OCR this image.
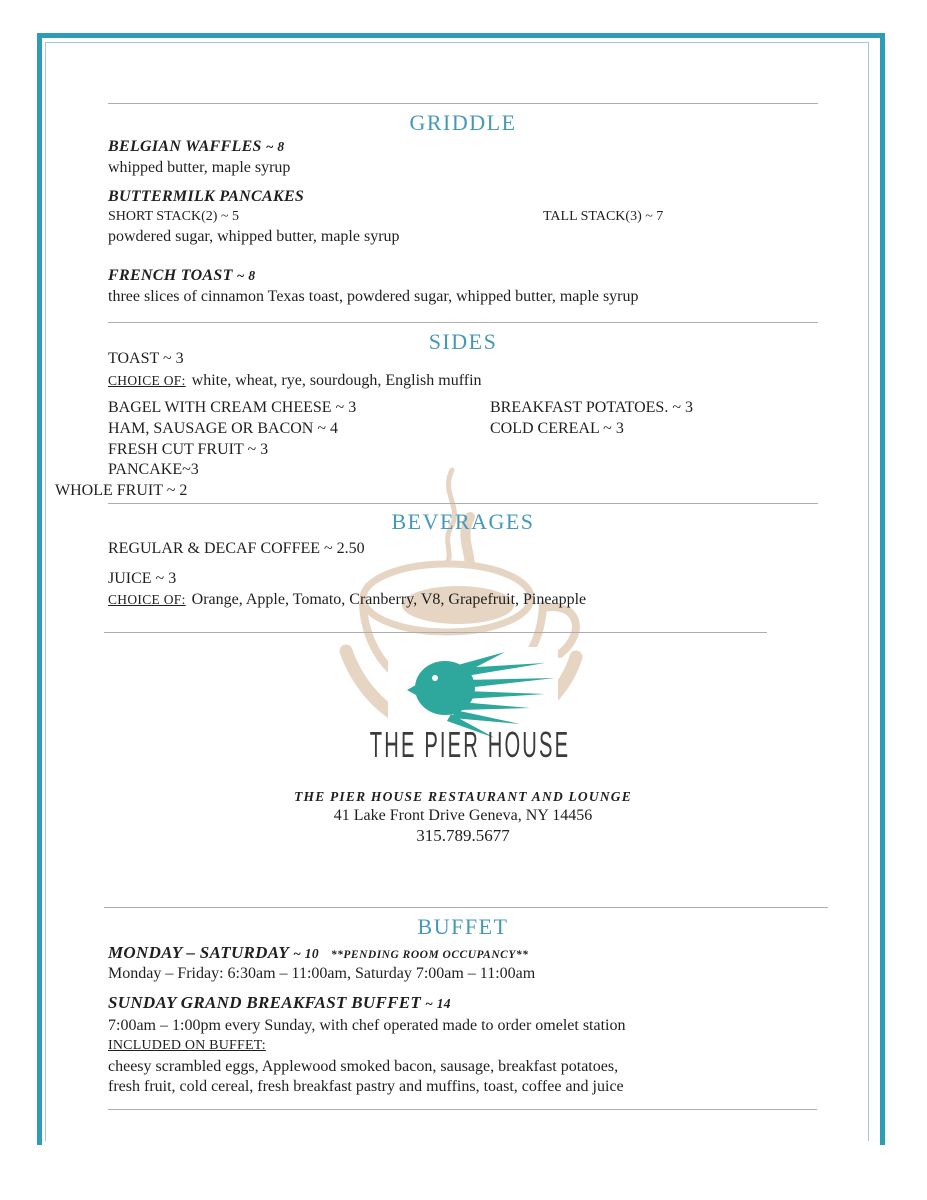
THE PIER HOUSE
GRIDDLE
BELGIAN WAFFLES ~ 8
whipped butter, maple syrup
BUTTERMILK PANCAKES
SHORT STACK(2) ~ 5	TALL STACK(3) ~ 7
powdered sugar, whipped butter, maple syrup
FRENCH TOAST ~ 8
three slices of cinnamon Texas toast, powdered sugar, whipped butter, maple syrup
SIDES
TOAST ~ 3
CHOICE OF: white, wheat, rye, sourdough, English muffin
BAGEL WITH CREAM CHEESE ~ 3
HAM, SAUSAGE OR BACON ~ 4
FRESH CUT FRUIT ~ 3
PANCAKE~3
BREAKFAST POTATOES. ~ 3
COLD CEREAL ~ 3
WHOLE FRUIT ~ 2
BEVERAGES
REGULAR & DECAF COFFEE ~ 2.50
JUICE ~ 3
CHOICE OF: Orange, Apple, Tomato, Cranberry, V8, Grapefruit, Pineapple
THE PIER HOUSE RESTAURANT AND LOUNGE
41 Lake Front Drive Geneva, NY 14456
315.789.5677
BUFFET
MONDAY – SATURDAY ~ 10 **PENDING ROOM OCCUPANCY**
Monday – Friday: 6:30am – 11:00am, Saturday 7:00am – 11:00am
SUNDAY GRAND BREAKFAST BUFFET ~ 14
7:00am – 1:00pm every Sunday, with chef operated made to order omelet station
INCLUDED ON BUFFET:
cheesy scrambled eggs, Applewood smoked bacon, sausage, breakfast potatoes,
fresh fruit, cold cereal, fresh breakfast pastry and muffins, toast, coffee and juice
